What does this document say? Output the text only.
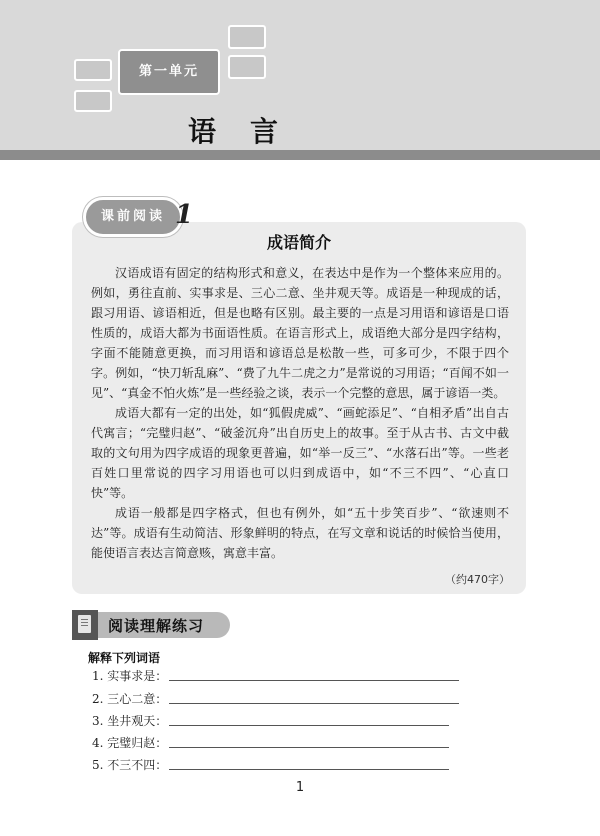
第一单元
语言
课前阅读 1
成语简介

汉语成语有固定的结构形式和意义，在表达中是作为一个整体来应用的。例如，勇往直前、实事求是、三心二意、坐井观天等。成语是一种现成的话，跟习用语、谚语相近，但是也略有区别。最主要的一点是习用语和谚语是口语性质的，成语大都为书面语性质。在语言形式上，成语绝大部分是四字结构，字面不能随意更换，而习用语和谚语总是松散一些，可多可少，不限于四个字。例如，“快刀斩乱麻”、“费了九牛二虎之力”是常说的习用语；“百闻不如一见”、“真金不怕火炼”是一些经验之谈，表示一个完整的意思，属于谚语一类。

成语大都有一定的出处，如“狐假虎威”、“画蛇添足”、“自相矛盾”出自古代寓言；“完璧归赵”、“破釜沉舟”出自历史上的故事。至于从古书、古文中截取的文句用为四字成语的现象更普遍，如“举一反三”、“水落石出”等。一些老百姓口里常说的四字习用语也可以归到成语中，如“不三不四”、“心直口快”等。

成语一般都是四字格式，但也有例外，如“五十步笑百步”、“欲速则不达”等。成语有生动简洁、形象鲜明的特点，在写文章和说话的时候恰当使用，能使语言表达言简意赅，寓意丰富。

（约470字）
阅读理解练习
解释下列词语
1. 实事求是：
2. 三心二意：
3. 坐井观天：
4. 完璧归赵：
5. 不三不四：
1
